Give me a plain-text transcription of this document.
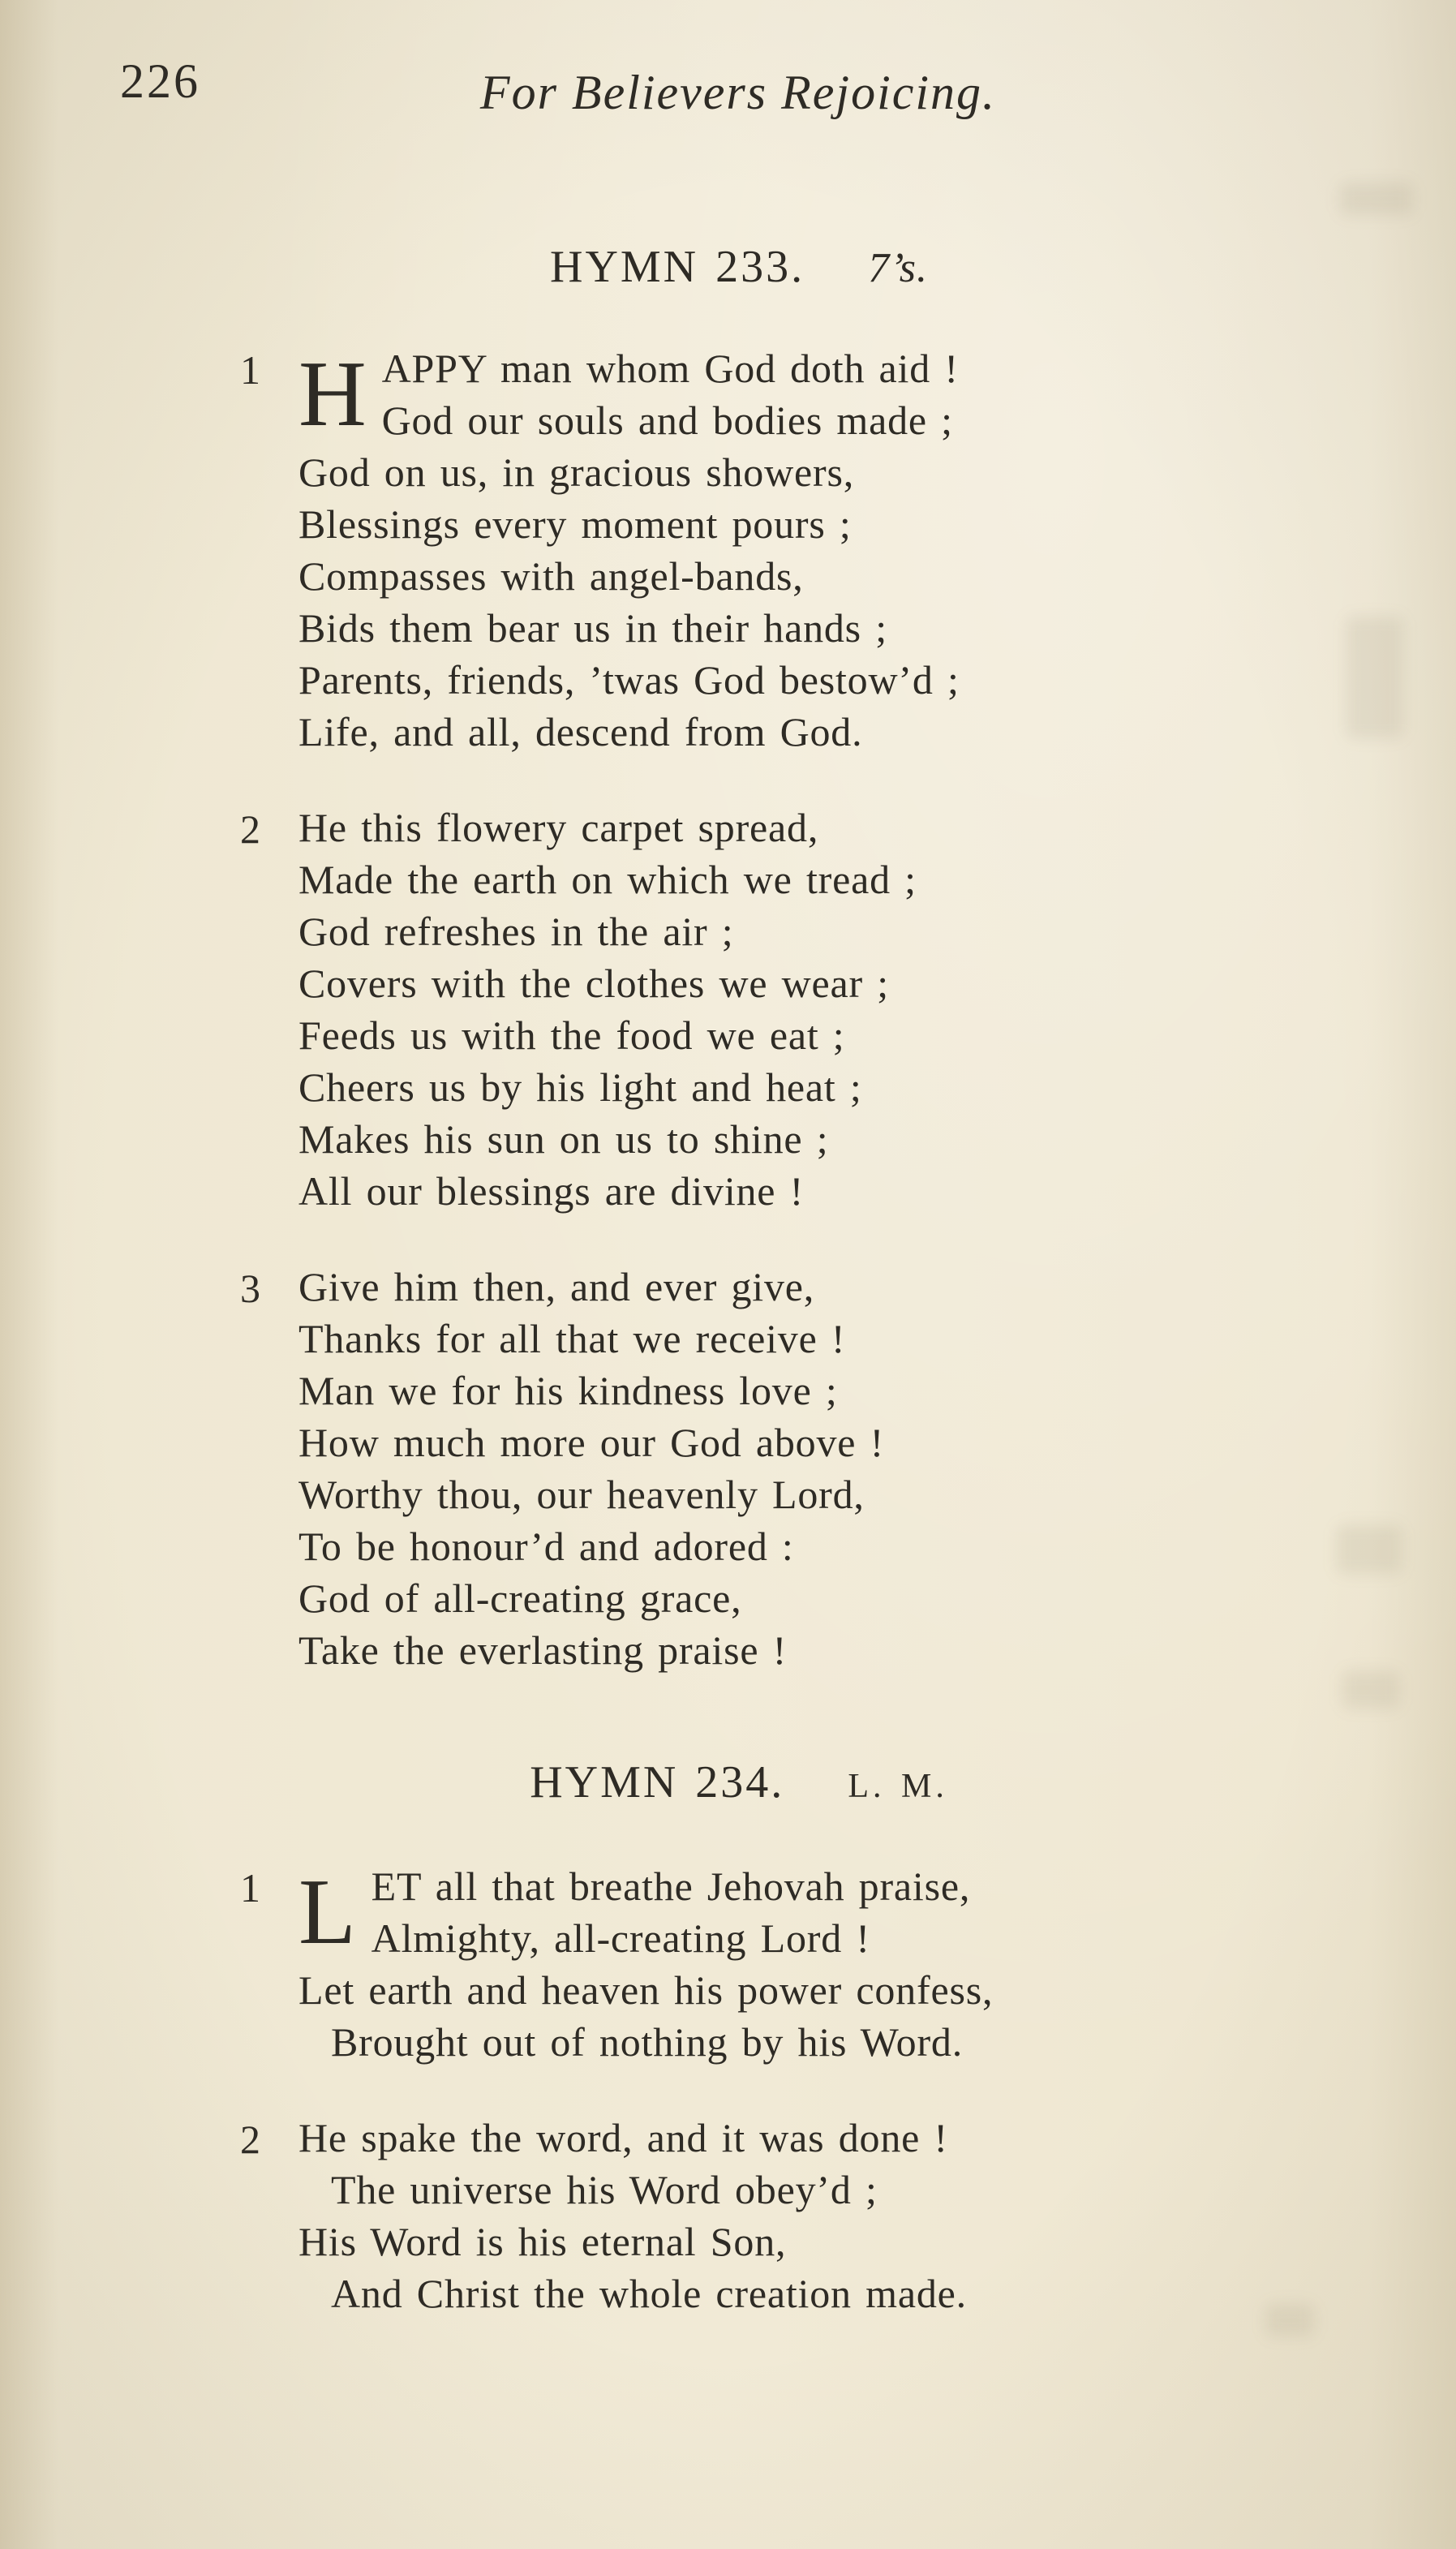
226	For Believers Rejoicing.
HYMN 233. 7’s.
1 H APPY man whom God doth aid !
God our souls and bodies made ;
God on us, in gracious showers,
Blessings every moment pours ;
Compasses with angel-bands,
Bids them bear us in their hands ;
Parents, friends, ’twas God bestow’d ;
Life, and all, descend from God.
2 He this flowery carpet spread,
Made the earth on which we tread ;
God refreshes in the air ;
Covers with the clothes we wear ;
Feeds us with the food we eat ;
Cheers us by his light and heat ;
Makes his sun on us to shine ;
All our blessings are divine !
3 Give him then, and ever give,
Thanks for all that we receive !
Man we for his kindness love ;
How much more our God above !
Worthy thou, our heavenly Lord,
To be honour’d and adored :
God of all-creating grace,
Take the everlasting praise !
HYMN 234. L. M.
1 L ET all that breathe Jehovah praise,
Almighty, all-creating Lord !
Let earth and heaven his power confess,
Brought out of nothing by his Word.
2 He spake the word, and it was done !
The universe his Word obey’d ;
His Word is his eternal Son,
And Christ the whole creation made.
